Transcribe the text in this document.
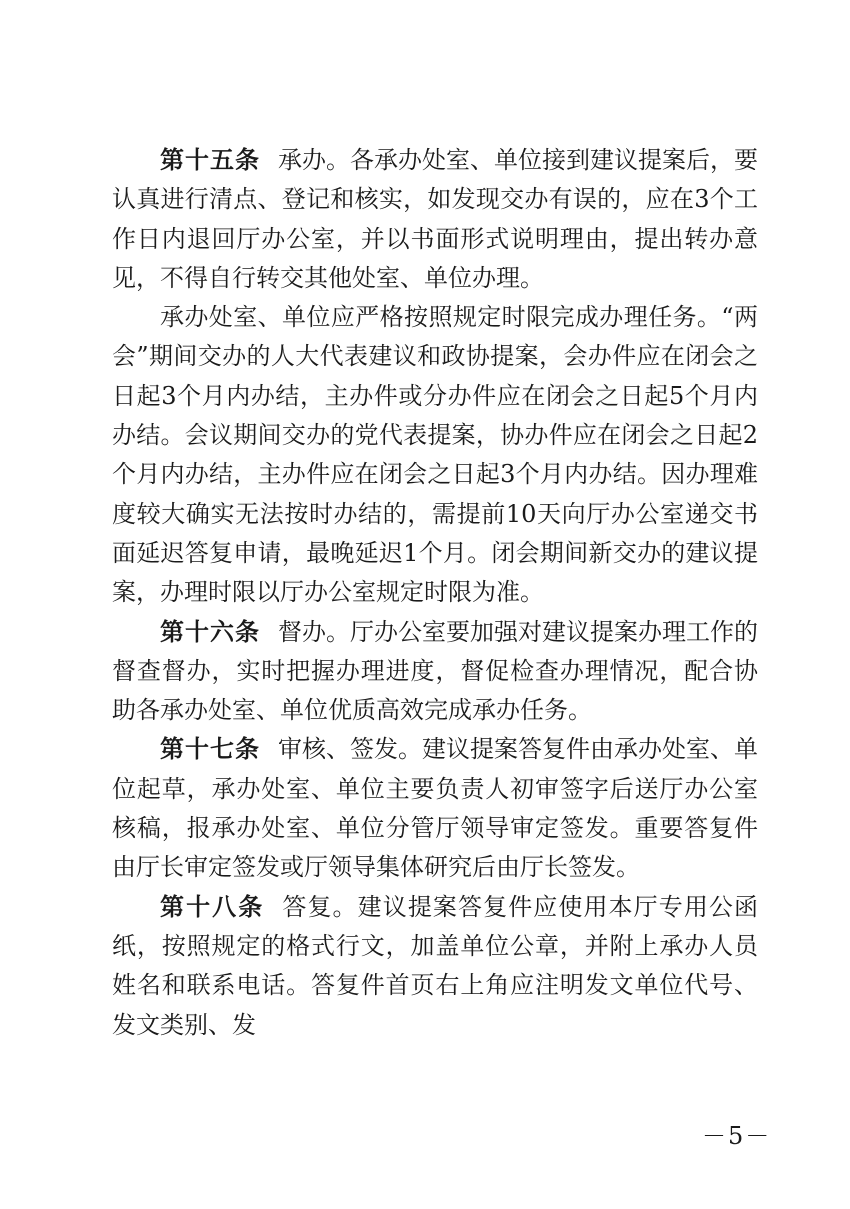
第十五条 承办。各承办处室、单位接到建议提案后，要认真进行清点、登记和核实，如发现交办有误的，应在3个工作日内退回厅办公室，并以书面形式说明理由，提出转办意见，不得自行转交其他处室、单位办理。

承办处室、单位应严格按照规定时限完成办理任务。“两会”期间交办的人大代表建议和政协提案，会办件应在闭会之日起3个月内办结，主办件或分办件应在闭会之日起5个月内办结。会议期间交办的党代表提案，协办件应在闭会之日起2个月内办结，主办件应在闭会之日起3个月内办结。因办理难度较大确实无法按时办结的，需提前10天向厅办公室递交书面延迟答复申请，最晚延迟1个月。闭会期间新交办的建议提案，办理时限以厅办公室规定时限为准。

第十六条 督办。厅办公室要加强对建议提案办理工作的督查督办，实时把握办理进度，督促检查办理情况，配合协助各承办处室、单位优质高效完成承办任务。

第十七条 审核、签发。建议提案答复件由承办处室、单位起草，承办处室、单位主要负责人初审签字后送厅办公室核稿，报承办处室、单位分管厅领导审定签发。重要答复件由厅长审定签发或厅领导集体研究后由厅长签发。

第十八条 答复。建议提案答复件应使用本厅专用公函纸，按照规定的格式行文，加盖单位公章，并附上承办人员姓名和联系电话。答复件首页右上角应注明发文单位代号、发文类别、发

－5－
